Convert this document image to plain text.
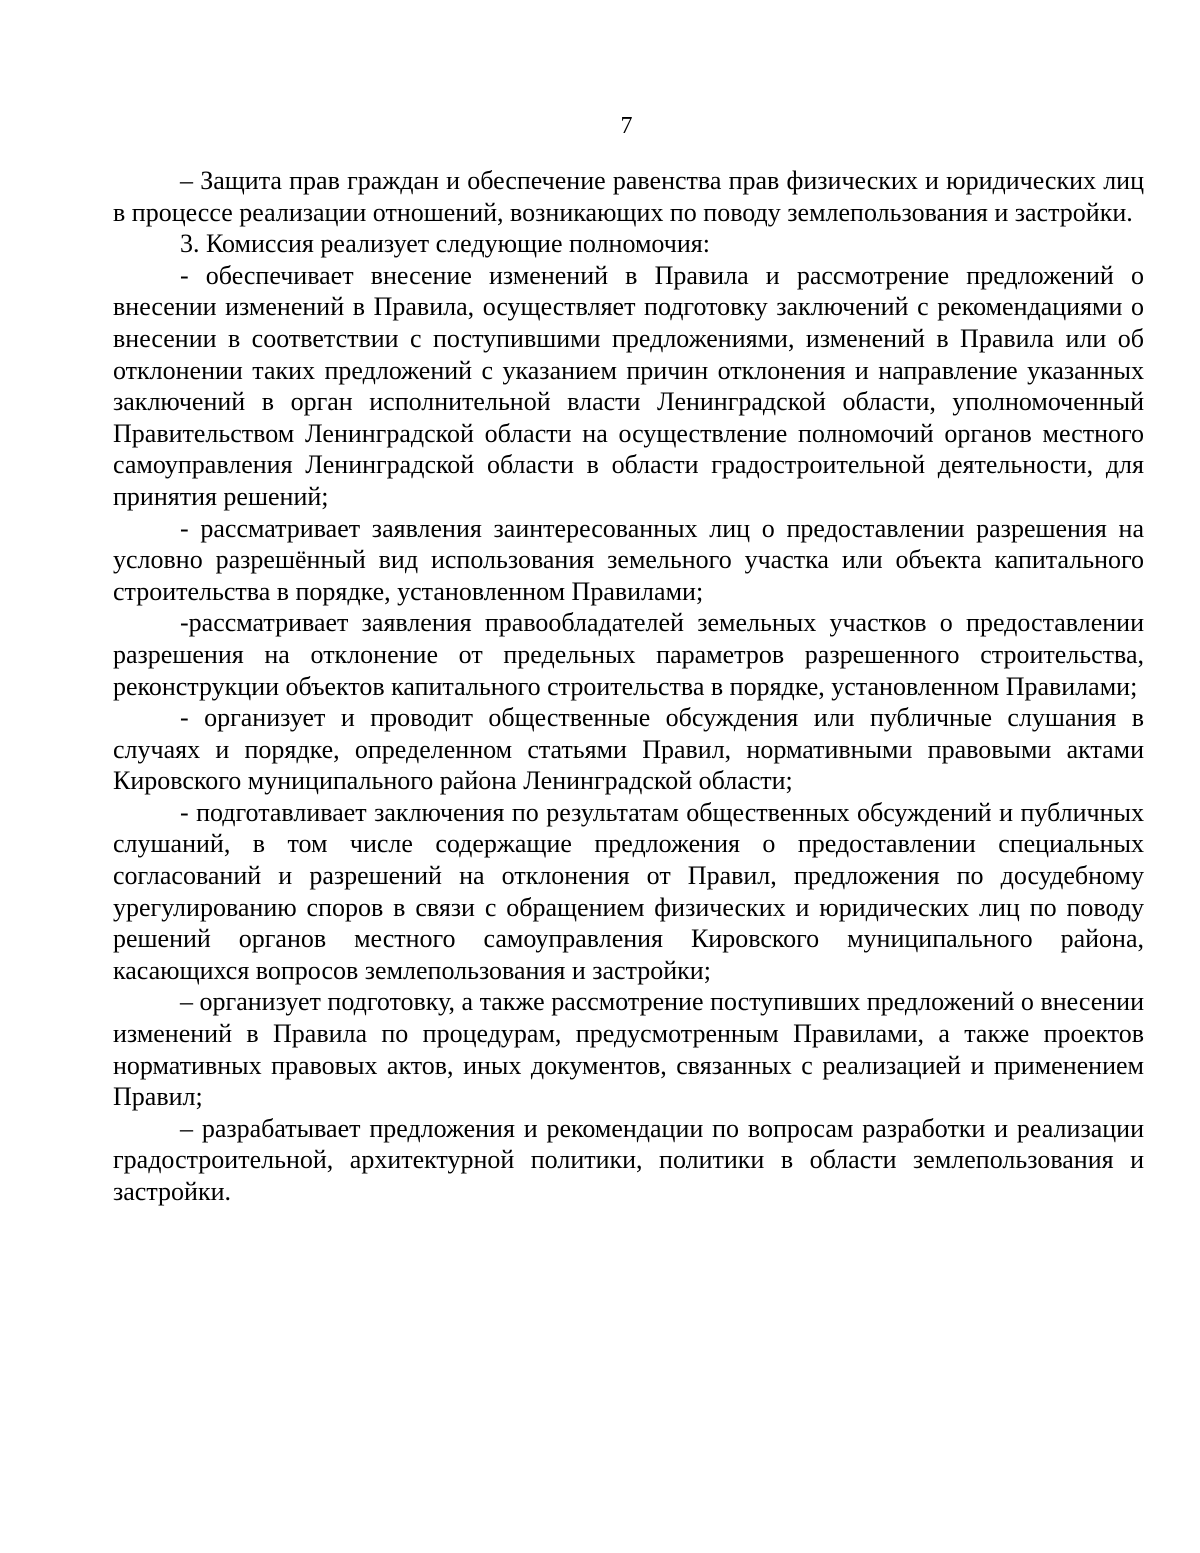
7

– Защита прав граждан и обеспечение равенства прав физических и юридических лиц в процессе реализации отношений, возникающих по поводу землепользования и застройки.

3. Комиссия реализует следующие полномочия:

- обеспечивает внесение изменений в Правила и рассмотрение предложений о внесении изменений в Правила, осуществляет подготовку заключений с рекомендациями о внесении в соответствии с поступившими предложениями, изменений в Правила или об отклонении таких предложений с указанием причин отклонения и направление указанных заключений в орган исполнительной власти Ленинградской области, уполномоченный Правительством Ленинградской области на осуществление полномочий органов местного самоуправления Ленинградской области в области градостроительной деятельности, для принятия решений;

- рассматривает заявления заинтересованных лиц о предоставлении разрешения на условно разрешённый вид использования земельного участка или объекта капитального строительства в порядке, установленном Правилами;

-рассматривает заявления правообладателей земельных участков о предоставлении разрешения на отклонение от предельных параметров разрешенного строительства, реконструкции объектов капитального строительства в порядке, установленном Правилами;

- организует и проводит общественные обсуждения или публичные слушания в случаях и порядке, определенном статьями Правил, нормативными правовыми актами Кировского муниципального района Ленинградской области;

- подготавливает заключения по результатам общественных обсуждений и публичных слушаний, в том числе содержащие предложения о предоставлении специальных согласований и разрешений на отклонения от Правил, предложения по досудебному урегулированию споров в связи с обращением физических и юридических лиц по поводу решений органов местного самоуправления Кировского муниципального района, касающихся вопросов землепользования и застройки;

– организует подготовку, а также рассмотрение поступивших предложений о внесении изменений в Правила по процедурам, предусмотренным Правилами, а также проектов нормативных правовых актов, иных документов, связанных с реализацией и применением Правил;

– разрабатывает предложения и рекомендации по вопросам разработки и реализации градостроительной, архитектурной политики, политики в области землепользования и застройки.
